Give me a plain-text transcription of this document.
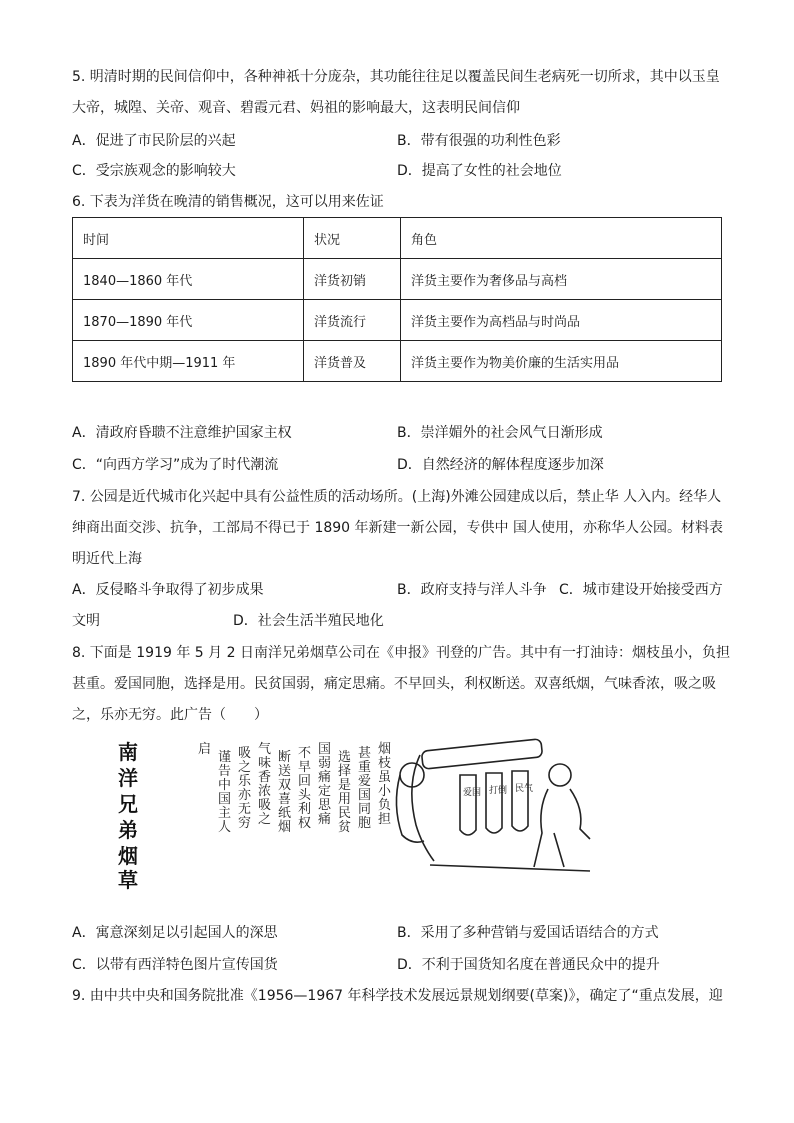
5. 明清时期的民间信仰中，各种神祇十分庞杂，其功能往往足以覆盖民间生老病死一切所求，其中以玉皇
大帝，城隍、关帝、观音、碧霞元君、妈祖的影响最大，这表明民间信仰
A．促进了市民阶层的兴起	B．带有很强的功利性色彩
C．受宗族观念的影响较大	D．提高了女性的社会地位
6. 下表为洋货在晚清的销售概况，这可以用来佐证
时间	状况	角色
1840—1860 年代	洋货初销	洋货主要作为奢侈品与高档
1870—1890 年代	洋货流行	洋货主要作为高档品与时尚品
1890 年代中期—1911 年	洋货普及	洋货主要作为物美价廉的生活实用品
A．清政府昏聩不注意维护国家主权	B．崇洋媚外的社会风气日渐形成
C．“向西方学习”成为了时代潮流	D．自然经济的解体程度逐步加深
7. 公园是近代城市化兴起中具有公益性质的活动场所。(上海)外滩公园建成以后，禁止华 人入内。经华人
绅商出面交涉、抗争，工部局不得已于 1890 年新建一新公园，专供中 国人使用，亦称华人公园。材料表
明近代上海
A．反侵略斗争取得了初步成果	B．政府支持与洋人斗争 C．城市建设开始接受西方
文明	D．社会生活半殖民地化
8. 下面是 1919 年 5 月 2 日南洋兄弟烟草公司在《申报》刊登的广告。其中有一打油诗：烟枝虽小，负担
甚重。爱国同胞，选择是用。民贫国弱，痛定思痛。不早回头，利权断送。双喜纸烟，气味香浓，吸之吸
之，乐亦无穷。此广告（　　）
南
洋
兄
弟
烟
草
烟
枝
虽
小
负
担
甚
重
爱
国
同
胞
选
择
是
用
民
贫
国
弱
痛
定
思
痛
不
早
回
头
利
权
断
送
双
喜
纸
烟
气
味
香
浓
吸
之
吸
之
乐
亦
无
穷
谨
告
中
国
主
人
启
爱国 打倒 民气
A．寓意深刻足以引起国人的深思	B．采用了多种营销与爱国话语结合的方式
C．以带有西洋特色图片宣传国货	D．不利于国货知名度在普通民众中的提升
9. 由中共中央和国务院批准《1956—1967 年科学技术发展远景规划纲要(草案)》，确定了“重点发展，迎
